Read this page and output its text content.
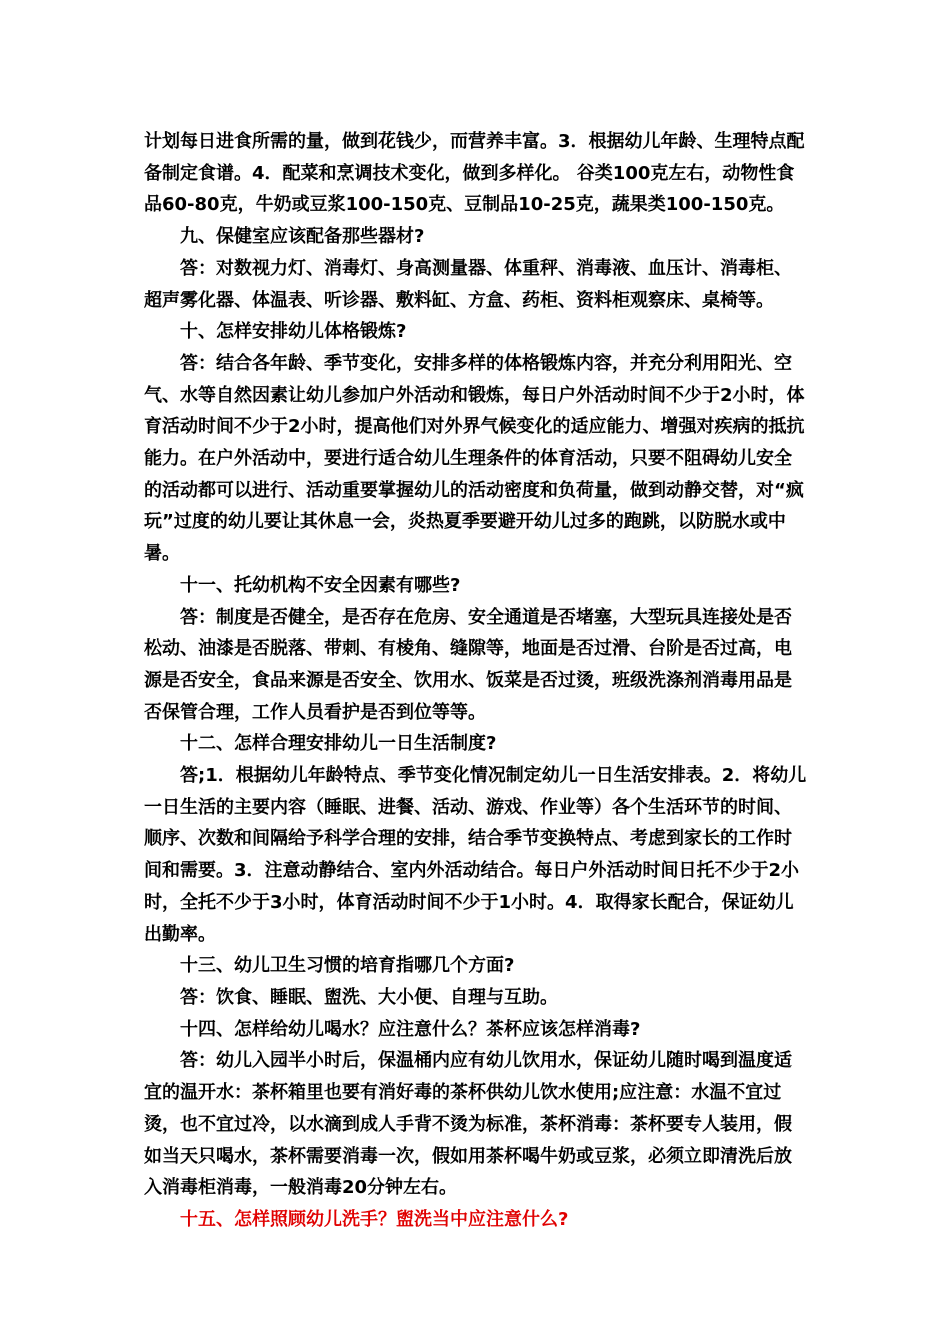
计划每日进食所需的量，做到花钱少，而营养丰富。3．根据幼儿年龄、生理特点配备制定食谱。4．配菜和烹调技术变化，做到多样化。 谷类100克左右，动物性食品60-80克，牛奶或豆浆100-150克、豆制品10-25克，蔬果类100-150克。

九、保健室应该配备那些器材?

答：对数视力灯、消毒灯、身高测量器、体重秤、消毒液、血压计、消毒柜、超声雾化器、体温表、听诊器、敷料缸、方盒、药柜、资料柜观察床、桌椅等。

十、怎样安排幼儿体格锻炼?

答：结合各年龄、季节变化，安排多样的体格锻炼内容，并充分利用阳光、空气、水等自然因素让幼儿参加户外活动和锻炼，每日户外活动时间不少于2小时，体育活动时间不少于2小时，提高他们对外界气候变化的适应能力、增强对疾病的抵抗能力。在户外活动中，要进行适合幼儿生理条件的体育活动，只要不阻碍幼儿安全的活动都可以进行、活动重要掌握幼儿的活动密度和负荷量，做到动静交替，对“疯玩”过度的幼儿要让其休息一会，炎热夏季要避开幼儿过多的跑跳，以防脱水或中暑。

十一、托幼机构不安全因素有哪些?

答：制度是否健全，是否存在危房、安全通道是否堵塞，大型玩具连接处是否松动、油漆是否脱落、带刺、有棱角、缝隙等，地面是否过滑、台阶是否过高，电源是否安全，食品来源是否安全、饮用水、饭菜是否过烫，班级洗涤剂消毒用品是否保管合理，工作人员看护是否到位等等。

十二、怎样合理安排幼儿一日生活制度?

答;1．根据幼儿年龄特点、季节变化情况制定幼儿一日生活安排表。2．将幼儿一日生活的主要内容（睡眠、进餐、活动、游戏、作业等）各个生活环节的时间、顺序、次数和间隔给予科学合理的安排，结合季节变换特点、考虑到家长的工作时间和需要。3．注意动静结合、室内外活动结合。每日户外活动时间日托不少于2小时，全托不少于3小时，体育活动时间不少于1小时。4．取得家长配合，保证幼儿出勤率。

十三、幼儿卫生习惯的培育指哪几个方面?

答：饮食、睡眠、盥洗、大小便、自理与互助。

十四、怎样给幼儿喝水？应注意什么？茶杯应该怎样消毒?

答：幼儿入园半小时后，保温桶内应有幼儿饮用水，保证幼儿随时喝到温度适宜的温开水：茶杯箱里也要有消好毒的茶杯供幼儿饮水使用;应注意：水温不宜过烫，也不宜过冷，以水滴到成人手背不烫为标准，茶杯消毒：茶杯要专人装用，假如当天只喝水，茶杯需要消毒一次，假如用茶杯喝牛奶或豆浆，必须立即清洗后放入消毒柜消毒，一般消毒20分钟左右。

十五、怎样照顾幼儿洗手？盥洗当中应注意什么?
